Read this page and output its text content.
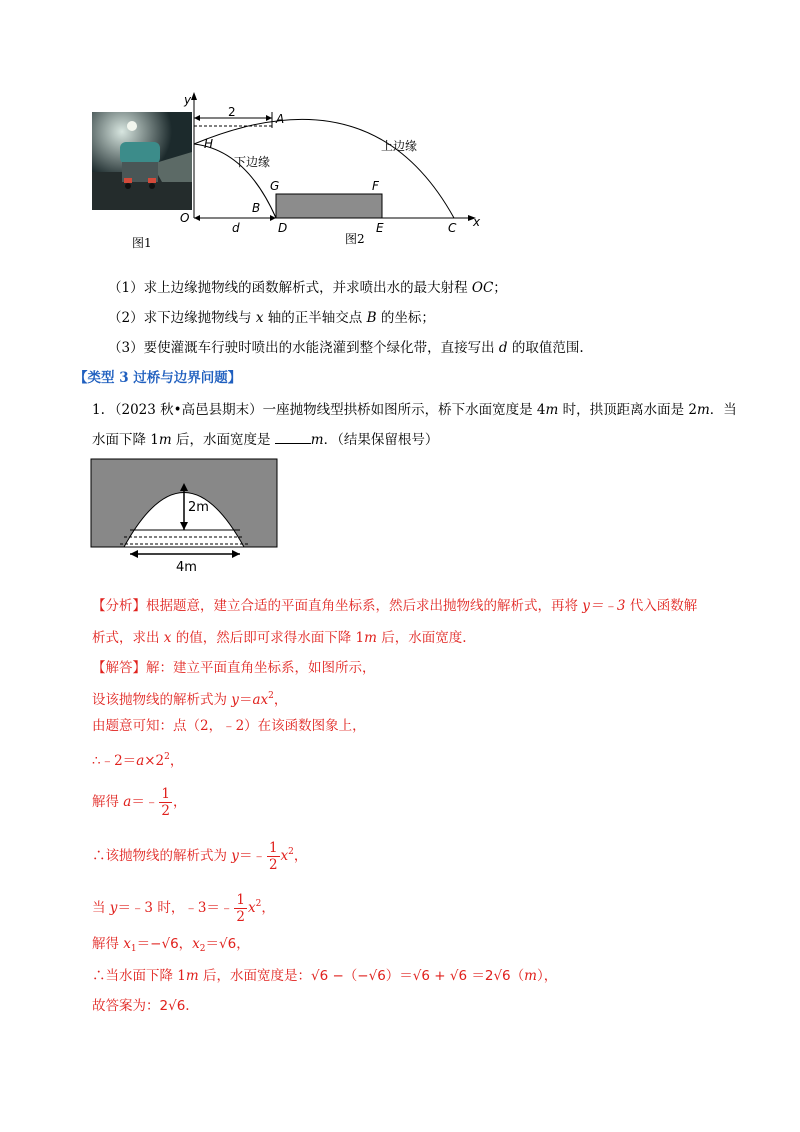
图1
y
x
2	A
H
下边缘
上边缘
G	F
B
O
D	E	C
d
图2
（1）求上边缘抛物线的函数解析式，并求喷出水的最大射程 OC；
（2）求下边缘抛物线与 x 轴的正半轴交点 B 的坐标；
（3）要使灌溉车行驶时喷出的水能浇灌到整个绿化带，直接写出 d 的取值范围.
【类型 3 过桥与边界问题】
1. （2023 秋•高邑县期末）一座抛物线型拱桥如图所示，桥下水面宽度是 4m 时，拱顶距离水面是 2m．当
水面下降 1m 后，水面宽度是	m．（结果保留根号）
2m
4m
【分析】根据题意，建立合适的平面直角坐标系，然后求出抛物线的解析式，再将 y＝﹣3 代入函数解
析式，求出 x 的值，然后即可求得水面下降 1m 后，水面宽度.
【解答】解：建立平面直角坐标系，如图所示，
设该抛物线的解析式为 $y=ax^2$，
由题意可知：点（2，﹣2）在该函数图象上，
$\therefore﹣2=a\times 2^2$，
解得 a＝﹣ $\frac{1}{2}$ ，
∴该抛物线的解析式为 y＝﹣ $\frac{1}{2} x^2$，
当 y＝﹣3 时，﹣3＝﹣ $\frac{1}{2} x^2$，
解得 $x_1=-√6$，$x_2=√6$，
∴当水面下降 1m 后，水面宽度是：√6 −（−√6）＝√6 + √6 ＝2√6（m），
故答案为：2√6.
